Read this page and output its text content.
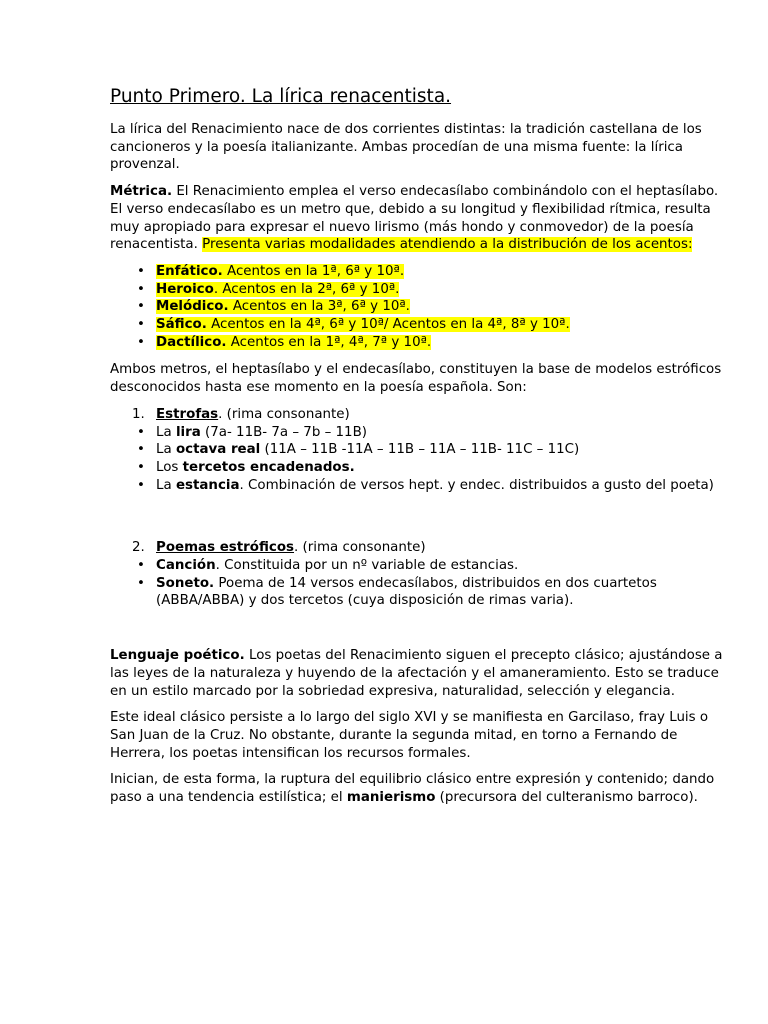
Punto Primero. La lírica renacentista.

La lírica del Renacimiento nace de dos corrientes distintas: la tradición castellana de los cancioneros y la poesía italianizante. Ambas procedían de una misma fuente: la lírica provenzal.

Métrica. El Renacimiento emplea el verso endecasílabo combinándolo con el heptasílabo. El verso endecasílabo es un metro que, debido a su longitud y flexibilidad rítmica, resulta muy apropiado para expresar el nuevo lirismo (más hondo y conmovedor) de la poesía renacentista. Presenta varias modalidades atendiendo a la distribución de los acentos:

• Enfático. Acentos en la 1ª, 6ª y 10ª.
• Heroico. Acentos en la 2ª, 6ª y 10ª.
• Melódico. Acentos en la 3ª, 6ª y 10ª.
• Sáfico. Acentos en la 4ª, 6ª y 10ª/ Acentos en la 4ª, 8ª y 10ª.
• Dactílico. Acentos en la 1ª, 4ª, 7ª y 10ª.

Ambos metros, el heptasílabo y el endecasílabo, constituyen la base de modelos estróficos desconocidos hasta ese momento en la poesía española. Son:

1. Estrofas. (rima consonante)
• La lira (7a- 11B- 7a – 7b – 11B)
• La octava real (11A – 11B -11A – 11B – 11A – 11B- 11C – 11C)
• Los tercetos encadenados.
• La estancia. Combinación de versos hept. y endec. distribuidos a gusto del poeta)
2. Poemas estróficos. (rima consonante)
• Canción. Constituida por un nº variable de estancias.
• Soneto. Poema de 14 versos endecasílabos, distribuidos en dos cuartetos (ABBA/ABBA) y dos tercetos (cuya disposición de rimas varia).

Lenguaje poético. Los poetas del Renacimiento siguen el precepto clásico; ajustándose a las leyes de la naturaleza y huyendo de la afectación y el amaneramiento. Esto se traduce en un estilo marcado por la sobriedad expresiva, naturalidad, selección y elegancia.

Este ideal clásico persiste a lo largo del siglo XVI y se manifiesta en Garcilaso, fray Luis o San Juan de la Cruz. No obstante, durante la segunda mitad, en torno a Fernando de Herrera, los poetas intensifican los recursos formales.

Inician, de esta forma, la ruptura del equilibrio clásico entre expresión y contenido; dando paso a una tendencia estilística; el manierismo (precursora del culteranismo barroco).
